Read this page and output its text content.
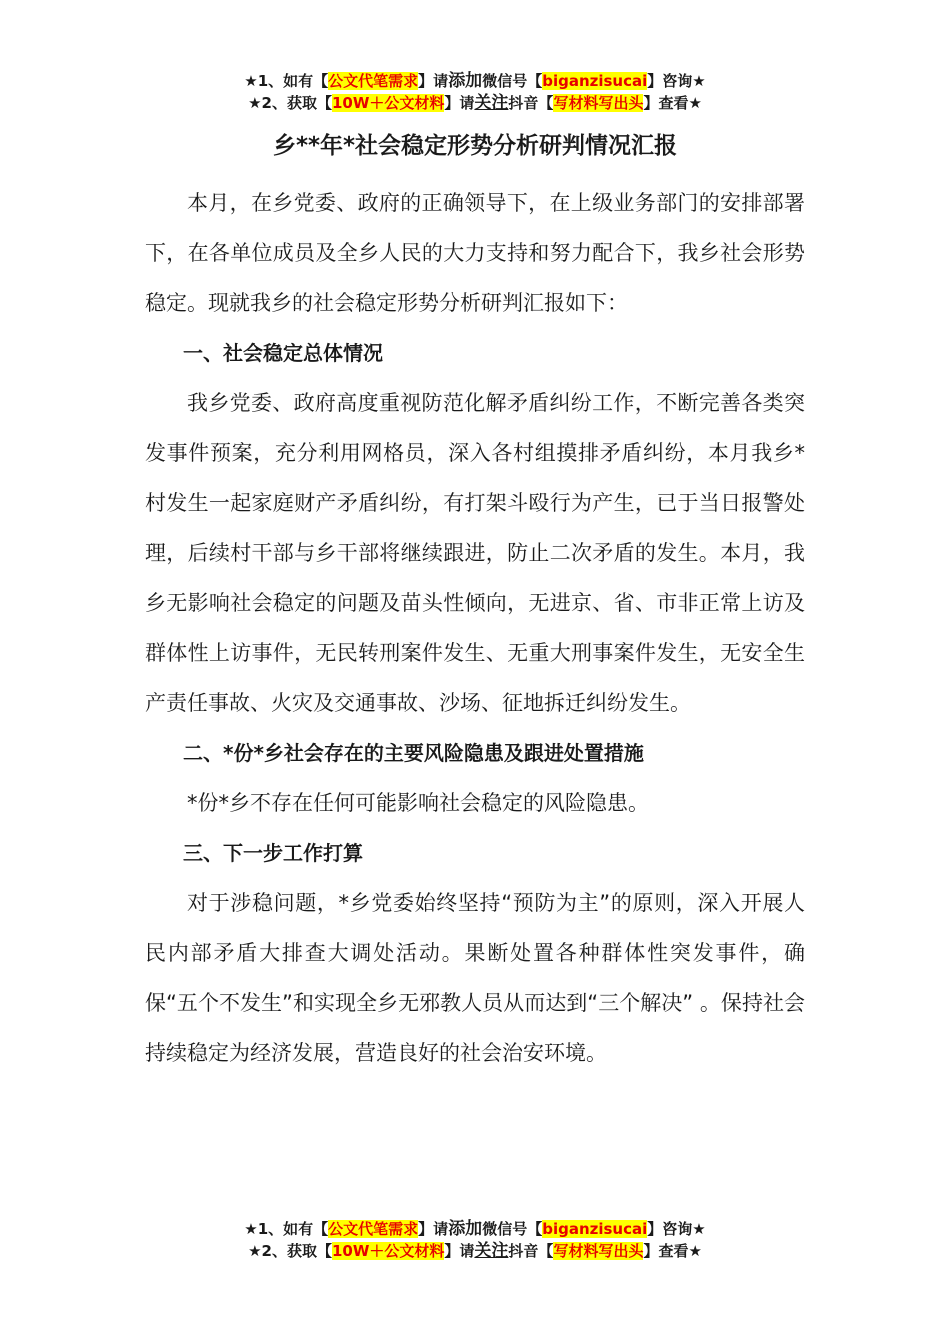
★1、如有【公文代笔需求】请添加微信号【biganzisucai】咨询★
★2、获取【10W＋公文材料】请关注抖音【写材料写出头】查看★
乡**年*社会稳定形势分析研判情况汇报

本月，在乡党委、政府的正确领导下，在上级业务部门的安排部署下，在各单位成员及全乡人民的大力支持和努力配合下，我乡社会形势稳定。现就我乡的社会稳定形势分析研判汇报如下：

一、社会稳定总体情况

我乡党委、政府高度重视防范化解矛盾纠纷工作，不断完善各类突发事件预案，充分利用网格员，深入各村组摸排矛盾纠纷，本月我乡*村发生一起家庭财产矛盾纠纷，有打架斗殴行为产生，已于当日报警处理，后续村干部与乡干部将继续跟进，防止二次矛盾的发生。本月，我乡无影响社会稳定的问题及苗头性倾向，无进京、省、市非正常上访及群体性上访事件，无民转刑案件发生、无重大刑事案件发生，无安全生产责任事故、火灾及交通事故、沙场、征地拆迁纠纷发生。

二、*份*乡社会存在的主要风险隐患及跟进处置措施

*份*乡不存在任何可能影响社会稳定的风险隐患。

三、下一步工作打算

对于涉稳问题，*乡党委始终坚持“预防为主”的原则，深入开展人民内部矛盾大排查大调处活动。果断处置各种群体性突发事件，确保“五个不发生”和实现全乡无邪教人员从而达到“三个解决” 。保持社会持续稳定为经济发展，营造良好的社会治安环境。

★1、如有【公文代笔需求】请添加微信号【biganzisucai】咨询★
★2、获取【10W＋公文材料】请关注抖音【写材料写出头】查看★
